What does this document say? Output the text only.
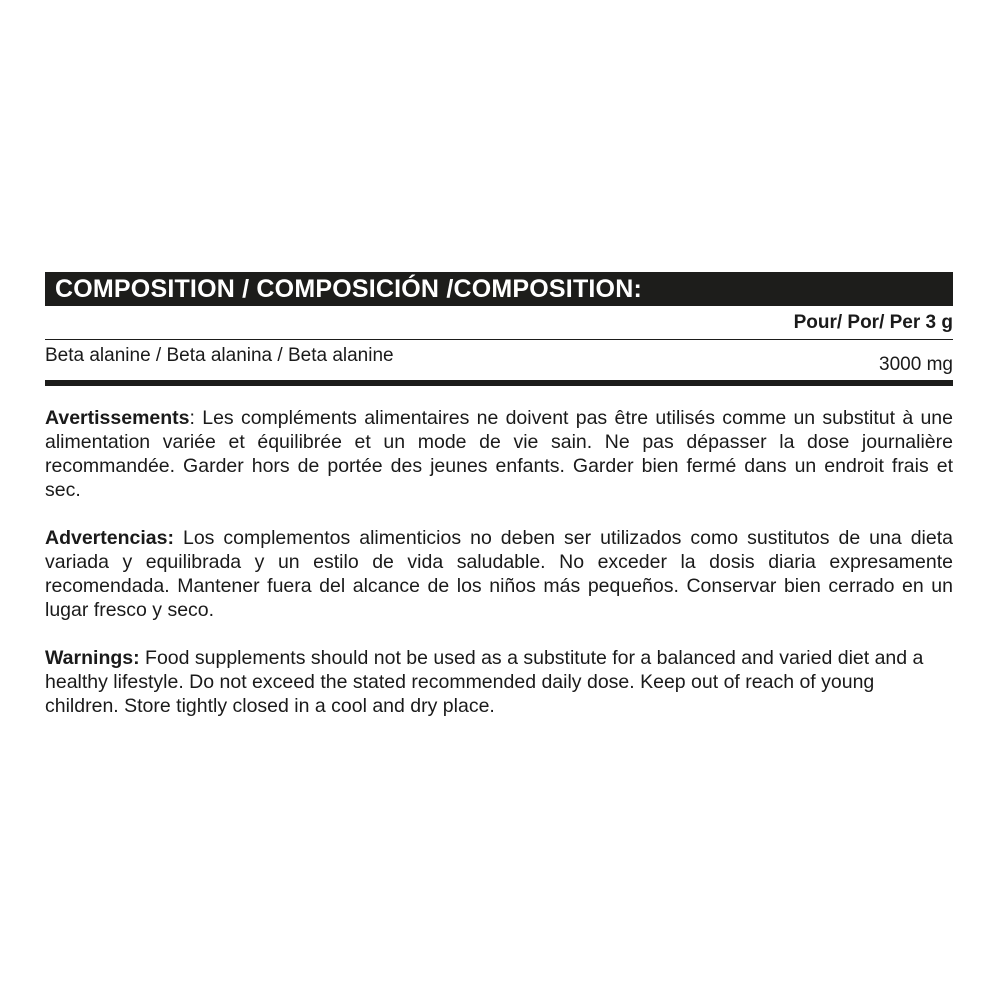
COMPOSITION / COMPOSICIÓN /COMPOSITION:
Pour/ Por/ Per 3 g
Beta alanine / Beta alanina / Beta alanine	3000 mg

Avertissements: Les compléments alimentaires ne doivent pas être utilisés comme un substitut à une alimentation variée et équilibrée et un mode de vie sain. Ne pas dépasser la dose journalière recommandée. Garder hors de portée des jeunes enfants. Garder bien fermé dans un endroit frais et sec.

Advertencias: Los complementos alimenticios no deben ser utilizados como sustitutos de una dieta variada y equilibrada y un estilo de vida saludable. No exceder la dosis diaria expresamente recomendada. Mantener fuera del alcance de los niños más pequeños. Conservar bien cerrado en un lugar fresco y seco.

Warnings: Food supplements should not be used as a substitute for a balanced and varied diet and a healthy lifestyle. Do not exceed the stated recommended daily dose. Keep out of reach of young children. Store tightly closed in a cool and dry place.
